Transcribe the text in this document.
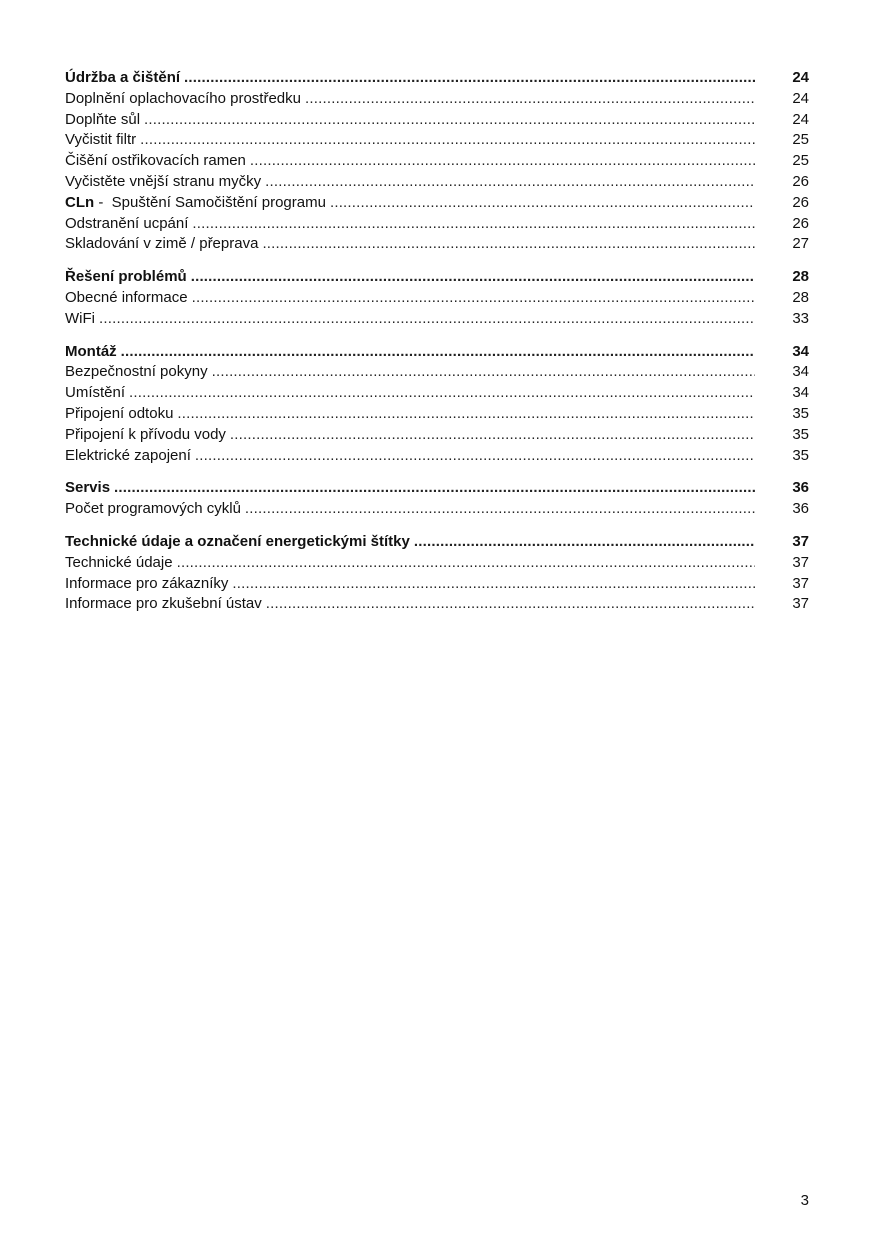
Údržba a čištění .....	24
Doplnění oplachovacího prostředku .....	24
Doplňte sůl .....	24
Vyčistit filtr .....	25
Čišění ostřikovacích ramen .....	25
Vyčistěte vnější stranu myčky .....	26
CLn -  Spuštění Samočištění programu .....	26
Odstranění ucpání .....	26
Skladování v zimě / přeprava .....	27
Řešení problémů .....	28
Obecné informace .....	28
WiFi .....	33
Montáž .....	34
Bezpečnostní pokyny .....	34
Umístění .....	34
Připojení odtoku .....	35
Připojení k přívodu vody .....	35
Elektrické zapojení .....	35
Servis .....	36
Počet programových cyklů .....	36
Technické údaje a označení energetickými štítky .....	37
Technické údaje .....	37
Informace pro zákazníky .....	37
Informace pro zkušební ústav .....	37
3
